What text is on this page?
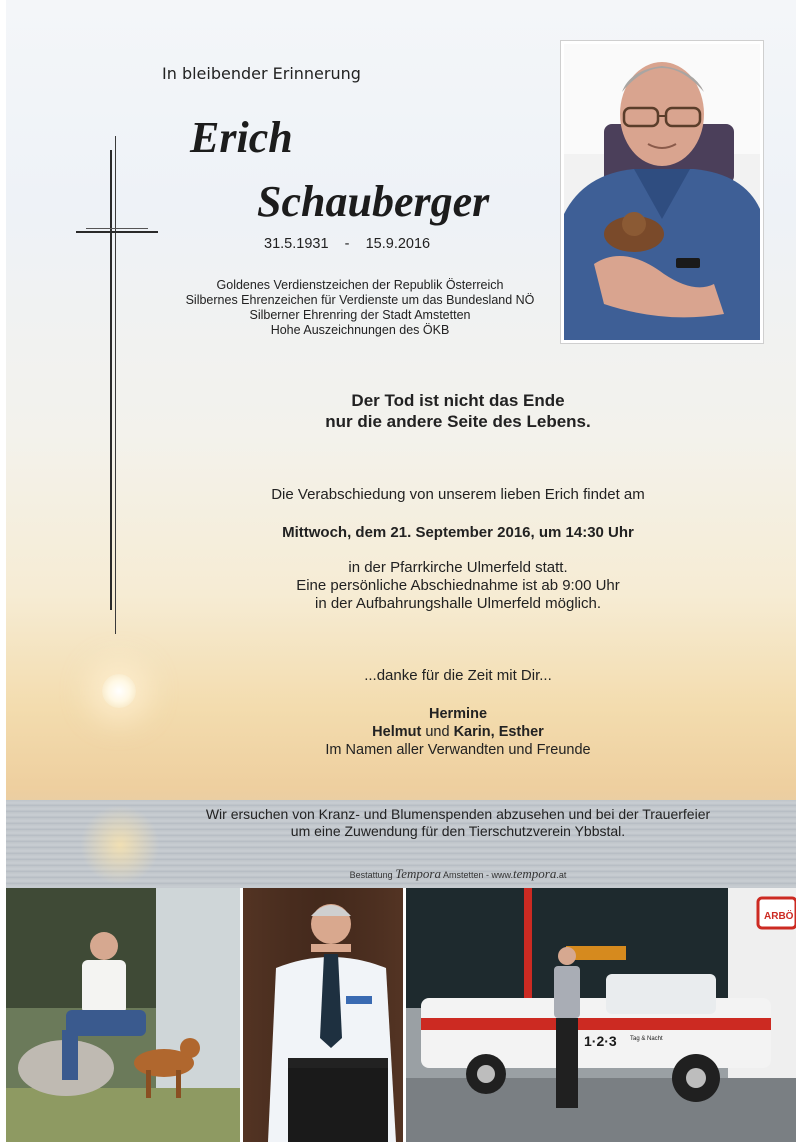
In bleibender Erinnerung
Erich
Schauberger
31.5.1931 - 15.9.2016
Goldenes Verdienstzeichen der Republik Österreich
Silbernes Ehrenzeichen für Verdienste um das Bundesland NÖ
Silberner Ehrenring der Stadt Amstetten
Hohe Auszeichnungen des ÖKB
Der Tod ist nicht das Ende
nur die andere Seite des Lebens.
Die Verabschiedung von unserem lieben Erich findet am
Mittwoch, dem 21. September 2016, um 14:30 Uhr
in der Pfarrkirche Ulmerfeld statt.
Eine persönliche Abschiednahme ist ab 9:00 Uhr
in der Aufbahrungshalle Ulmerfeld möglich.
...danke für die Zeit mit Dir...
Hermine
Helmut und Karin, Esther
Im Namen aller Verwandten und Freunde
Wir ersuchen von Kranz- und Blumenspenden abzusehen und bei der Trauerfeier
um eine Zuwendung für den Tierschutzverein Ybbstal.
Bestattung Tempora Amstetten - www.tempora.at
ARBÖ
1·2·3 Tag & Nacht
